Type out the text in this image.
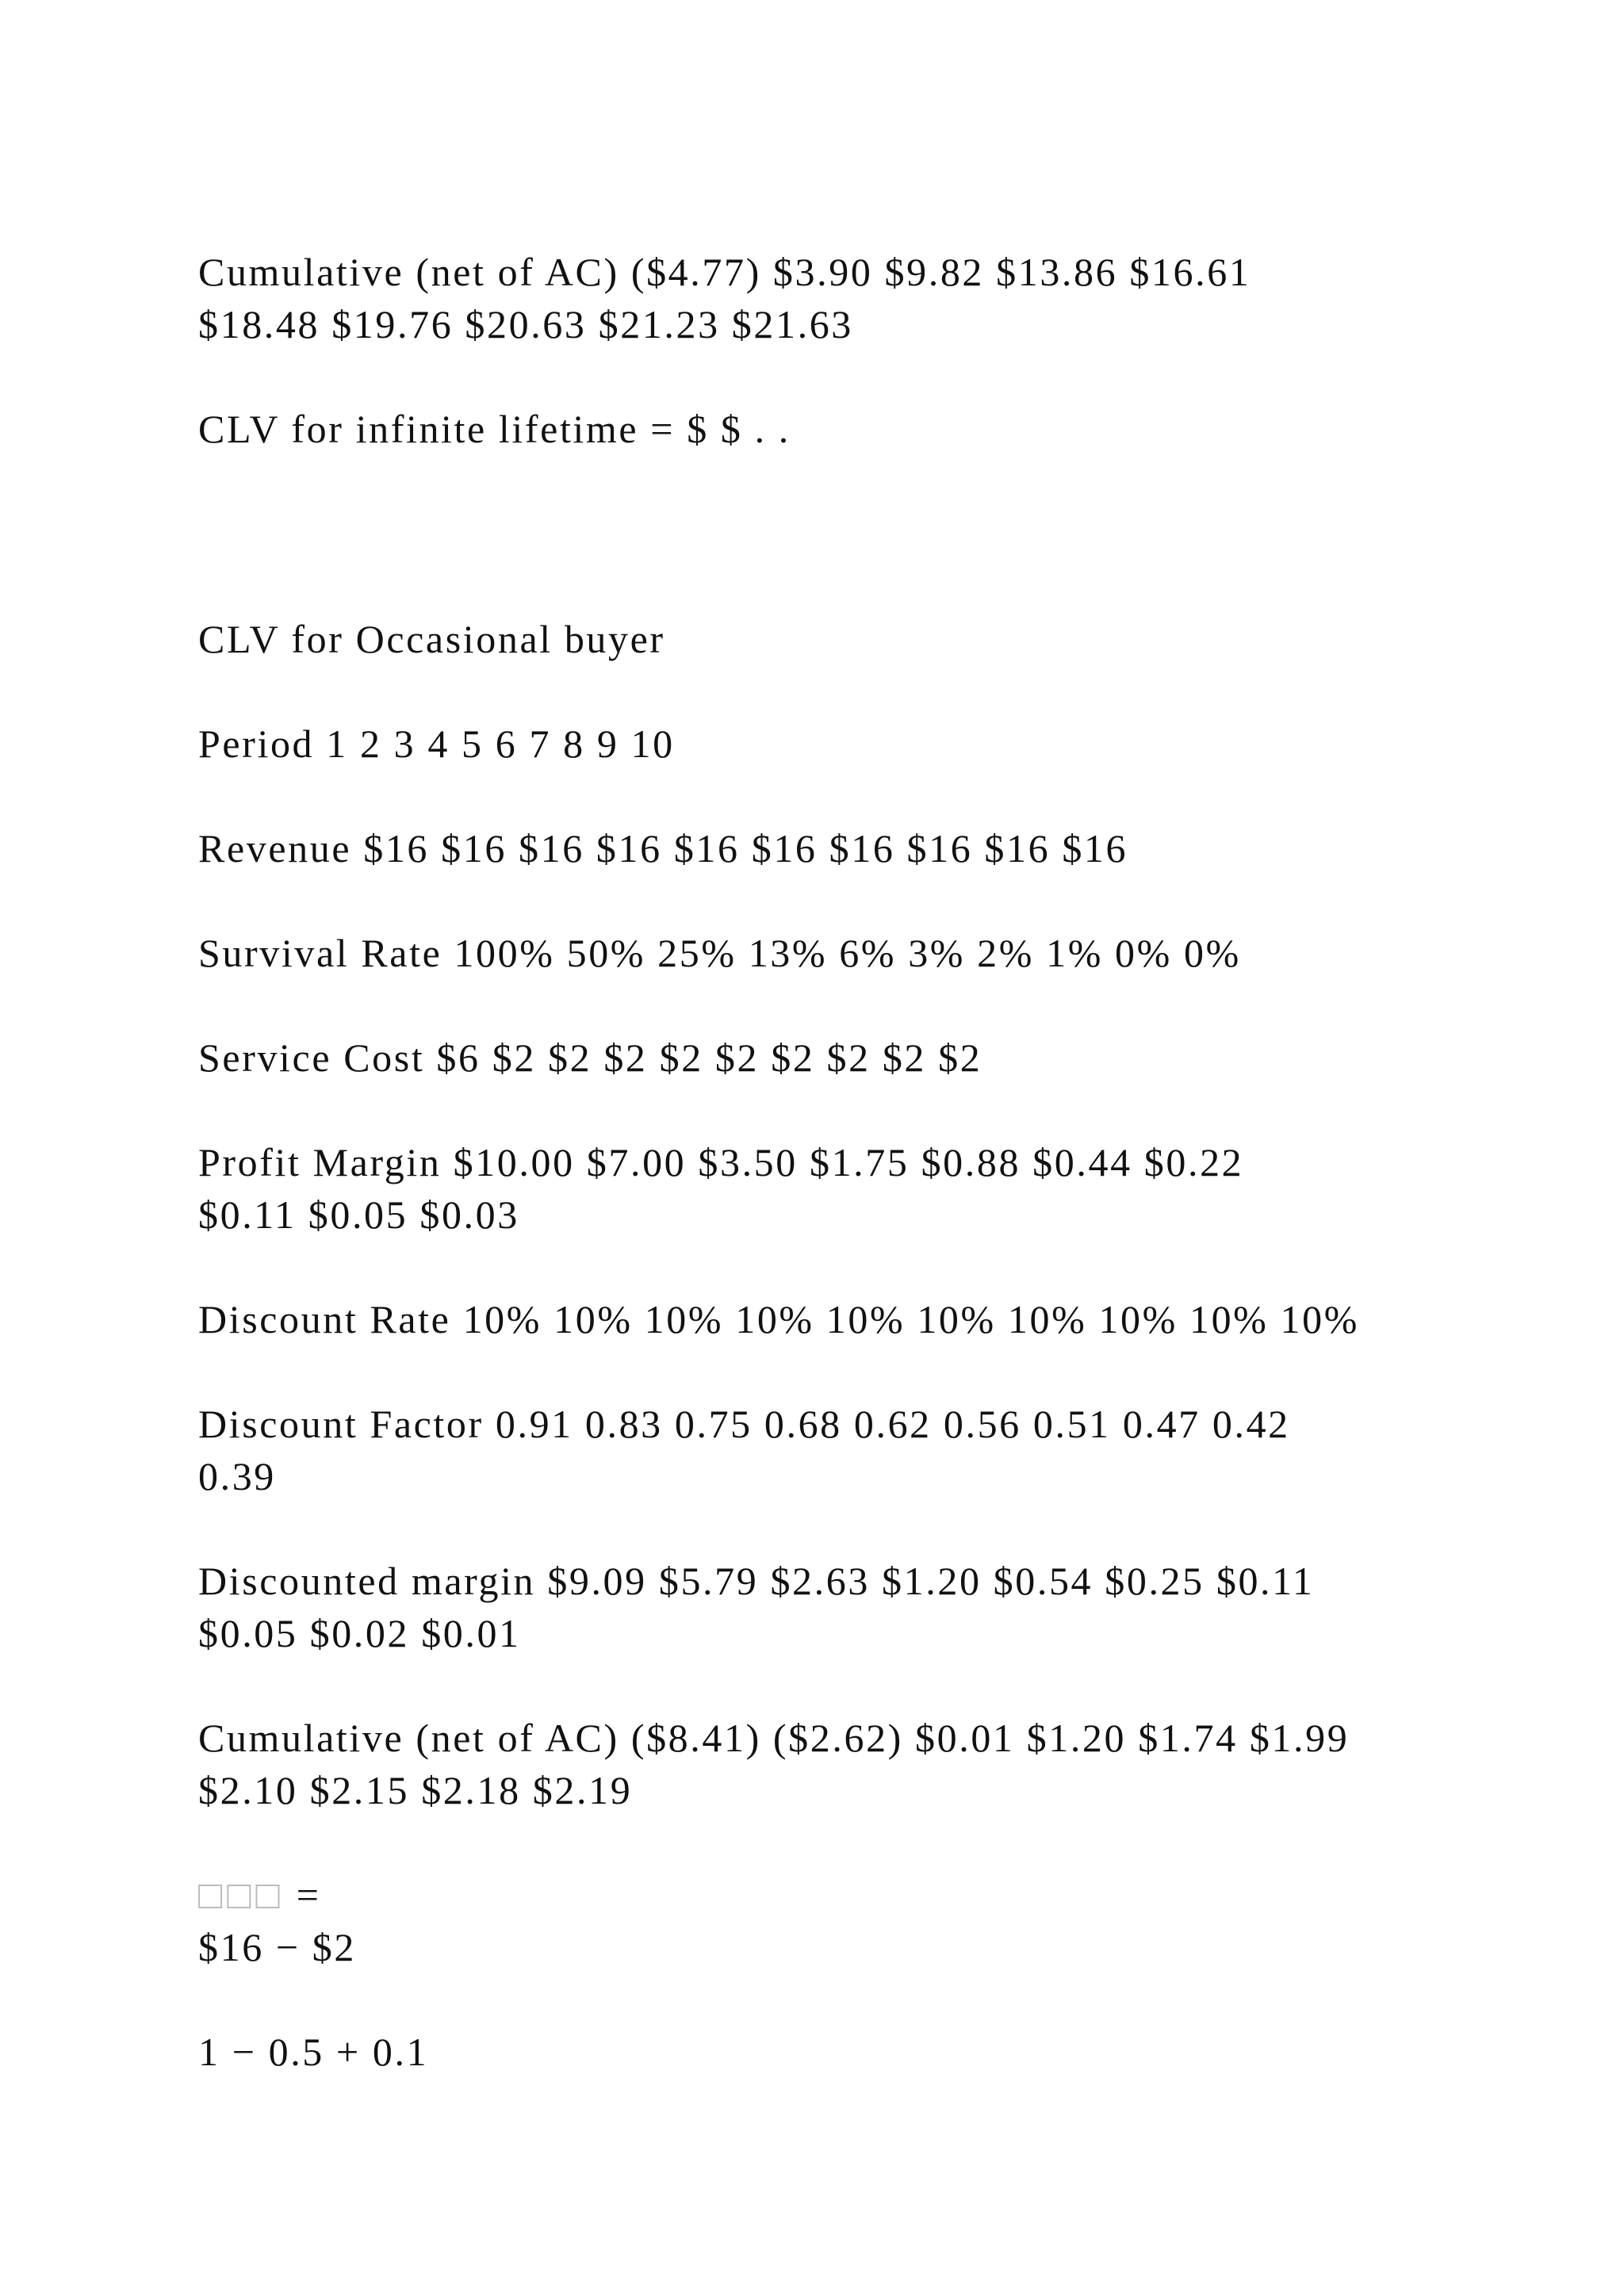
Cumulative (net of AC) ($4.77) $3.90 $9.82 $13.86 $16.61

$18.48 $19.76 $20.63 $21.23 $21.63

CLV for infinite lifetime = $ $ . .

CLV for Occasional buyer

Period 1 2 3 4 5 6 7 8 9 10

Revenue $16 $16 $16 $16 $16 $16 $16 $16 $16 $16

Survival Rate 100% 50% 25% 13% 6% 3% 2% 1% 0% 0%

Service Cost $6 $2 $2 $2 $2 $2 $2 $2 $2 $2

Profit Margin $10.00 $7.00 $3.50 $1.75 $0.88 $0.44 $0.22

$0.11 $0.05 $0.03

Discount Rate 10% 10% 10% 10% 10% 10% 10% 10% 10% 10%

Discount Factor 0.91 0.83 0.75 0.68 0.62 0.56 0.51 0.47 0.42

0.39

Discounted margin $9.09 $5.79 $2.63 $1.20 $0.54 $0.25 $0.11

$0.05 $0.02 $0.01

Cumulative (net of AC) ($8.41) ($2.62) $0.01 $1.20 $1.74 $1.99

$2.10 $2.15 $2.18 $2.19

□□□ =

$16 − $2

1 − 0.5 + 0.1
